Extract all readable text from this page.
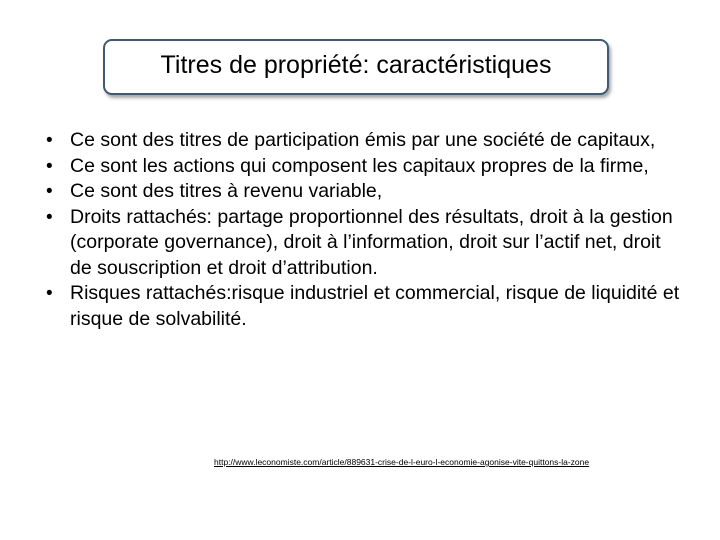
Titres de propriété: caractéristiques
• Ce sont des titres de participation émis par une société de capitaux,
• Ce sont les actions qui composent les capitaux propres de la firme,
• Ce sont des titres à revenu variable,
• Droits rattachés: partage proportionnel des résultats, droit à la gestion (corporate governance), droit à l’information, droit sur l’actif net, droit de souscription et droit d’attribution.
• Risques rattachés:risque industriel et commercial, risque de liquidité et risque de solvabilité.
http://www.leconomiste.com/article/889631-crise-de-l-euro-l-economie-agonise-vite-quittons-la-zone
